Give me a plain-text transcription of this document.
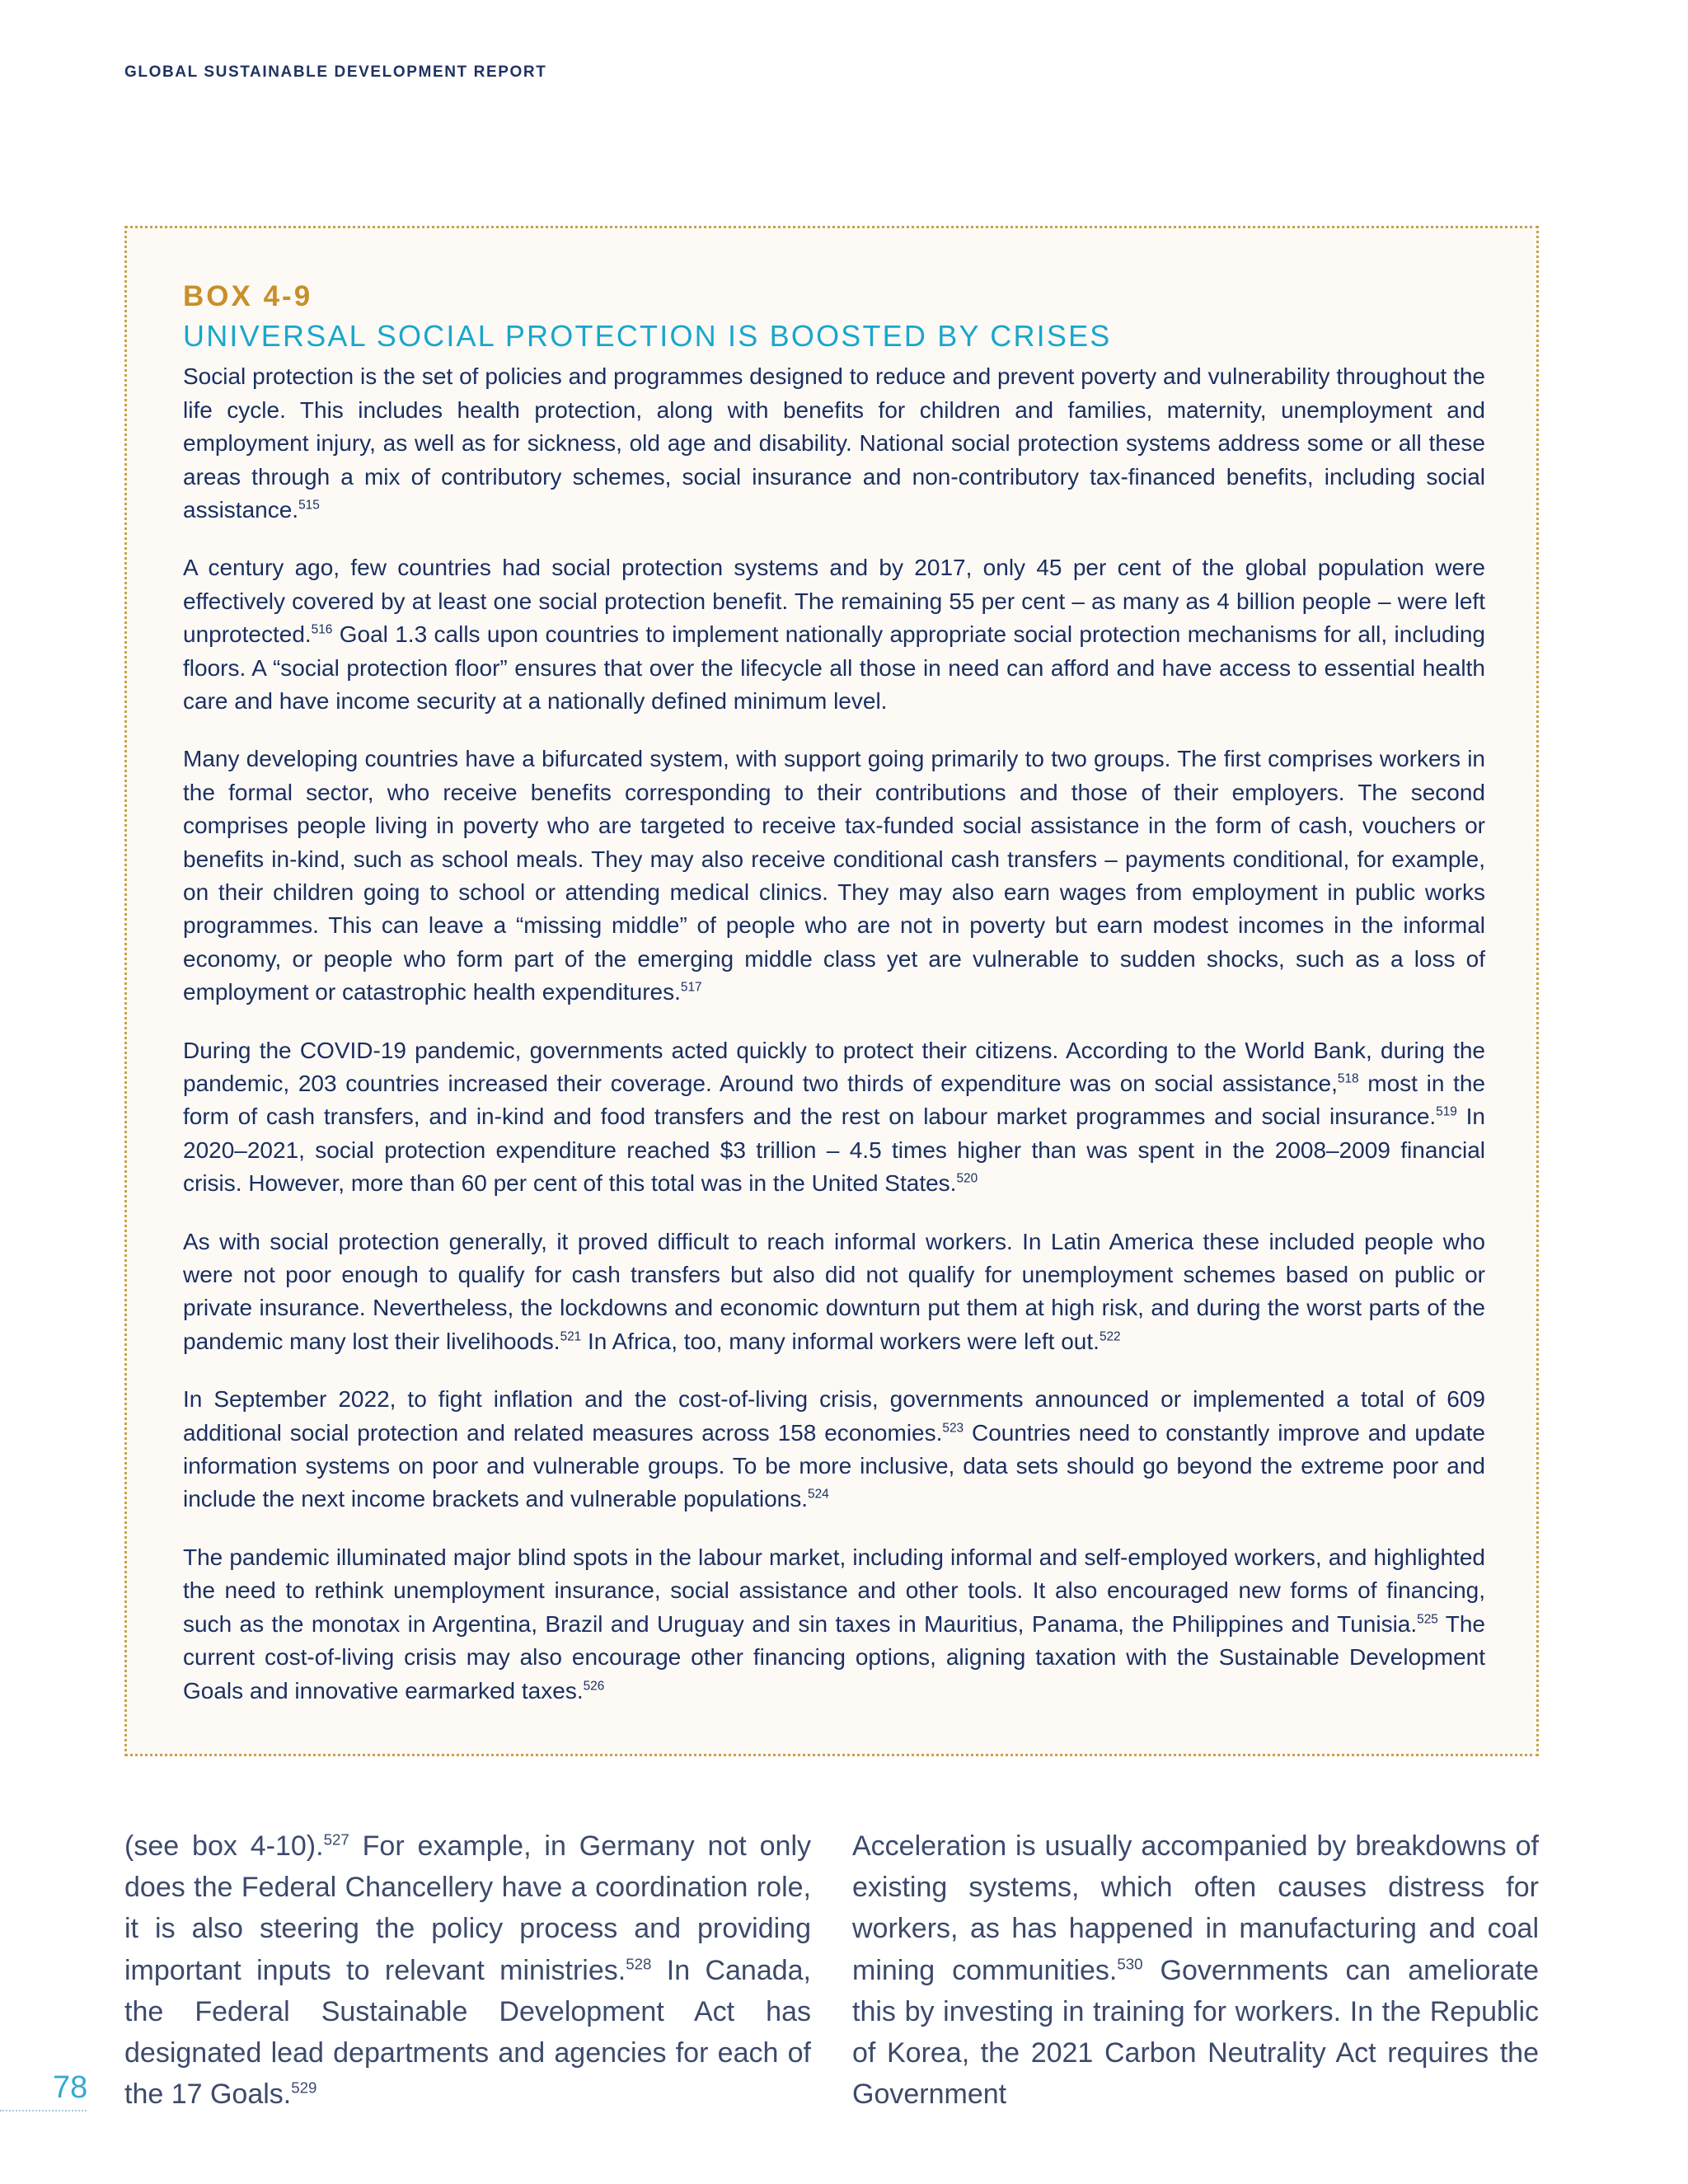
GLOBAL SUSTAINABLE DEVELOPMENT REPORT
BOX 4-9
UNIVERSAL SOCIAL PROTECTION IS BOOSTED BY CRISES

Social protection is the set of policies and programmes designed to reduce and prevent poverty and vulnerability throughout the life cycle. This includes health protection, along with benefits for children and families, maternity, unemployment and employment injury, as well as for sickness, old age and disability. National social protection systems address some or all these areas through a mix of contributory schemes, social insurance and non-contributory tax-financed benefits, including social assistance.$^{515}$

A century ago, few countries had social protection systems and by 2017, only 45 per cent of the global population were effectively covered by at least one social protection benefit. The remaining 55 per cent – as many as 4 billion people – were left unprotected.$^{516}$ Goal 1.3 calls upon countries to implement nationally appropriate social protection mechanisms for all, including floors. A “social protection floor” ensures that over the lifecycle all those in need can afford and have access to essential health care and have income security at a nationally defined minimum level.

Many developing countries have a bifurcated system, with support going primarily to two groups. The first comprises workers in the formal sector, who receive benefits corresponding to their contributions and those of their employers. The second comprises people living in poverty who are targeted to receive tax-funded social assistance in the form of cash, vouchers or benefits in-kind, such as school meals. They may also receive conditional cash transfers – payments conditional, for example, on their children going to school or attending medical clinics. They may also earn wages from employment in public works programmes. This can leave a “missing middle” of people who are not in poverty but earn modest incomes in the informal economy, or people who form part of the emerging middle class yet are vulnerable to sudden shocks, such as a loss of employment or catastrophic health expenditures.$^{517}$

During the COVID-19 pandemic, governments acted quickly to protect their citizens. According to the World Bank, during the pandemic, 203 countries increased their coverage. Around two thirds of expenditure was on social assistance,$^{518}$ most in the form of cash transfers, and in-kind and food transfers and the rest on labour market programmes and social insurance.$^{519}$ In 2020–2021, social protection expenditure reached $3 trillion – 4.5 times higher than was spent in the 2008–2009 financial crisis. However, more than 60 per cent of this total was in the United States.$^{520}$

As with social protection generally, it proved difficult to reach informal workers. In Latin America these included people who were not poor enough to qualify for cash transfers but also did not qualify for unemployment schemes based on public or private insurance. Nevertheless, the lockdowns and economic downturn put them at high risk, and during the worst parts of the pandemic many lost their livelihoods.$^{521}$ In Africa, too, many informal workers were left out.$^{522}$

In September 2022, to fight inflation and the cost-of-living crisis, governments announced or implemented a total of 609 additional social protection and related measures across 158 economies.$^{523}$ Countries need to constantly improve and update information systems on poor and vulnerable groups. To be more inclusive, data sets should go beyond the extreme poor and include the next income brackets and vulnerable populations.$^{524}$

The pandemic illuminated major blind spots in the labour market, including informal and self-employed workers, and highlighted the need to rethink unemployment insurance, social assistance and other tools. It also encouraged new forms of financing, such as the monotax in Argentina, Brazil and Uruguay and sin taxes in Mauritius, Panama, the Philippines and Tunisia.$^{525}$ The current cost-of-living crisis may also encourage other financing options, aligning taxation with the Sustainable Development Goals and innovative earmarked taxes.$^{526}$

(see box 4-10).$^{527}$ For example, in Germany not only does the Federal Chancellery have a coordination role, it is also steering the policy process and providing important inputs to relevant ministries.$^{528}$ In Canada, the Federal Sustainable Development Act has designated lead departments and agencies for each of the 17 Goals.$^{529}$
Acceleration is usually accompanied by breakdowns of existing systems, which often causes distress for workers, as has happened in manufacturing and coal mining communities.$^{530}$ Governments can ameliorate this by investing in training for workers. In the Republic of Korea, the 2021 Carbon Neutrality Act requires the Government
78
